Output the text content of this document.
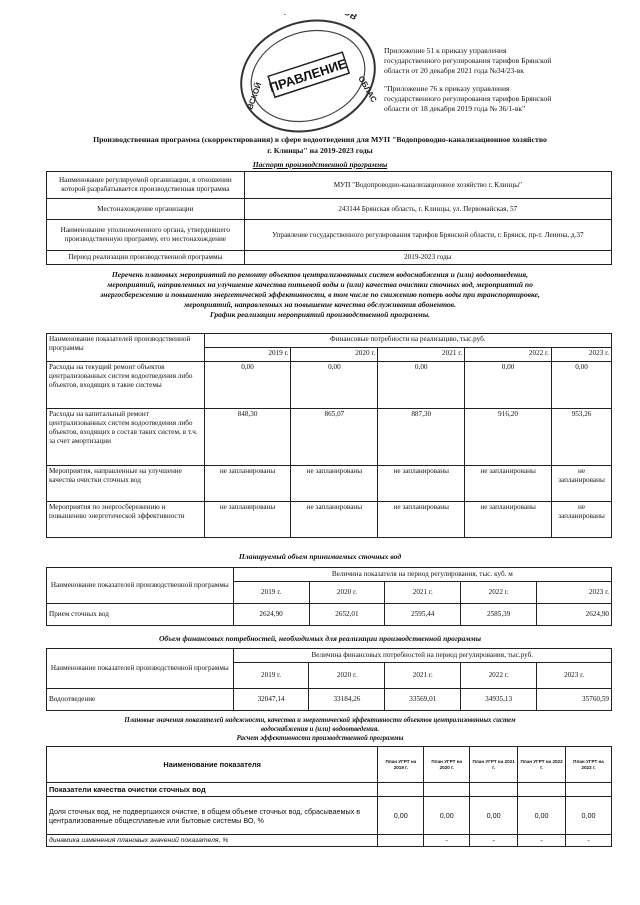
В
ПРАВЛЕНИЕ
ВСКОЙ	ОБЛАС
Приложение 51 к приказу управления
государственного регулирования тарифов Брянской
области от 20 декабря 2021 года №34/23-вк
"Приложение 76 к приказу управления
государственного регулирования тарифов Брянской
области от 18 декабря 2019 года № 36/1-вк"
Производственная программа (скорректирования) в сфере водоотведения для МУП "Водопроводно-канализационное хозяйство
г. Клинцы" на 2019-2023 годы
Паспорт производственной программы
Наименование регулируемой организации, в отношении которой разрабатывается производственная программа	МУП "Водопроводно-канализационное хозяйство г. Клинцы"
Местонахождение организации	243144 Брянская область, г. Клинцы, ул. Первомайская, 57
Наименование уполномоченного органа, утвердившего производственную программу, его местонахождение	Управление государственного регулирования тарифов Брянской области, г. Брянск, пр-т. Ленина, д.37
Период реализации производственной программы	2019-2023 годы
Перечень плановых мероприятий по ремонту объектов централизованных систем водоснабжения и (или) водоотведения,
мероприятий, направленных на улучшение качества питьевой воды и (или) качества очистки сточных вод, мероприятий по
энергосбережению и повышению энергетической эффективности, в том числе по снижению потерь воды при транспортировке,
мероприятий, направленных на повышение качества обслуживания абонентов.
График реализации мероприятий производственной программы.
Наименование показателей производственной программы	Финансовые потребности на реализацию, тыс.руб.				
	2019 г.	2020 г.	2021 г.	2022 г.	2023 г.
Расходы на текущий ремонт объектов централизованных систем водоотведения либо объектов, входящих в такие системы	0,00	0,00	0,00	0,00	0,00
Расходы на капитальный ремонт централизованных систем водоотведения либо объектов, входящих в состав таких систем, в т.ч. за счет амортизации	848,30	865,07	887,30	916,20	953,26
Мероприятия, направленные на улучшение качества очистки сточных вод	не запланированы	не запланированы	не запланированы	не запланированы	не запланированы
Мероприятия по энергосбережению и повышению энергетической эффективности	не запланированы	не запланированы	не запланированы	не запланированы	не запланированы
Планируемый объем принимаемых сточных вод
Наименование показателей производственной программы	Величина показателя на период регулирования, тыс. куб. м				
	2019 г.	2020 г.	2021 г.	2022 г.	2023 г.
Прием сточных вод	2624,90	2652,01	2595,44	2585,39	2624,90
Объем финансовых потребностей, необходимых для реализации производственной программы
Наименование показателей производственной программы	Величина финансовых потребностей на период регулирования, тыс.руб.				
	2019 г.	2020 г.	2021 г.	2022 г.	2023 г.
Водоотведение	32047,14	33184,26	33569,01	34935,13	35760,59
Плановые значения показателей надежности, качества и энергетической эффективности объектов централизованных систем
водоснабжения и (или) водоотведения.
Расчет эффективности производственной программы
Наименование показателя	План УГРТ на 2019 г.	План УГРТ на 2020 г.	План УГРТ на 2021 г.	План УГРТ на 2022 г.	План УГРТ на 2023 г.
Показатели качества очистки сточных вод					
Доля сточных вод, не подвергшихся очистке, в общем объеме сточных вод, сбрасываемых в централизованные общесплавные или бытовые системы ВО, %	0,00	0,00	0,00	0,00	0,00
динамика изменения плановых значений показателя, %		-	-	-	-
